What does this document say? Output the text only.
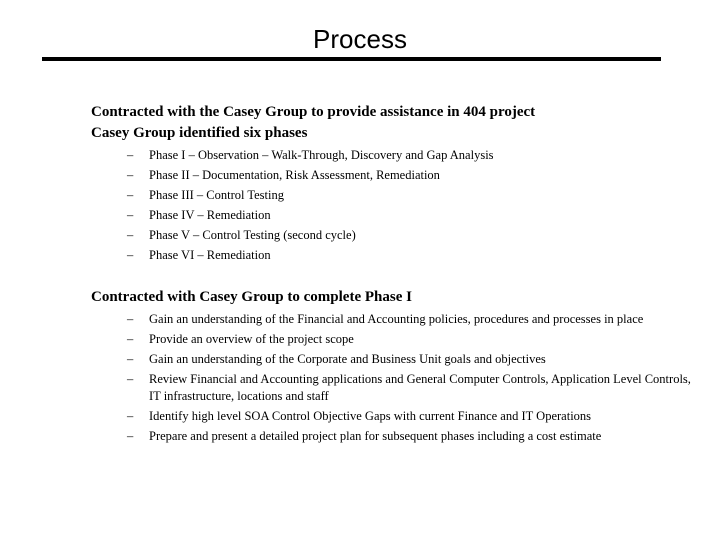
Process

Contracted with the Casey Group to provide assistance in 404 project

Casey Group identified six phases

– Phase I – Observation – Walk-Through, Discovery and Gap Analysis
– Phase II – Documentation, Risk Assessment, Remediation
– Phase III – Control Testing
– Phase IV – Remediation
– Phase V – Control Testing (second cycle)
– Phase VI – Remediation

Contracted with Casey Group to complete Phase I

– Gain an understanding of the Financial and Accounting policies, procedures and processes in place
– Provide an overview of the project scope
– Gain an understanding of the Corporate and Business Unit goals and objectives
– Review Financial and Accounting applications and General Computer Controls, Application Level Controls, IT infrastructure, locations and staff
– Identify high level SOA Control Objective Gaps with current Finance and IT Operations
– Prepare and present a detailed project plan for subsequent phases including a cost estimate
